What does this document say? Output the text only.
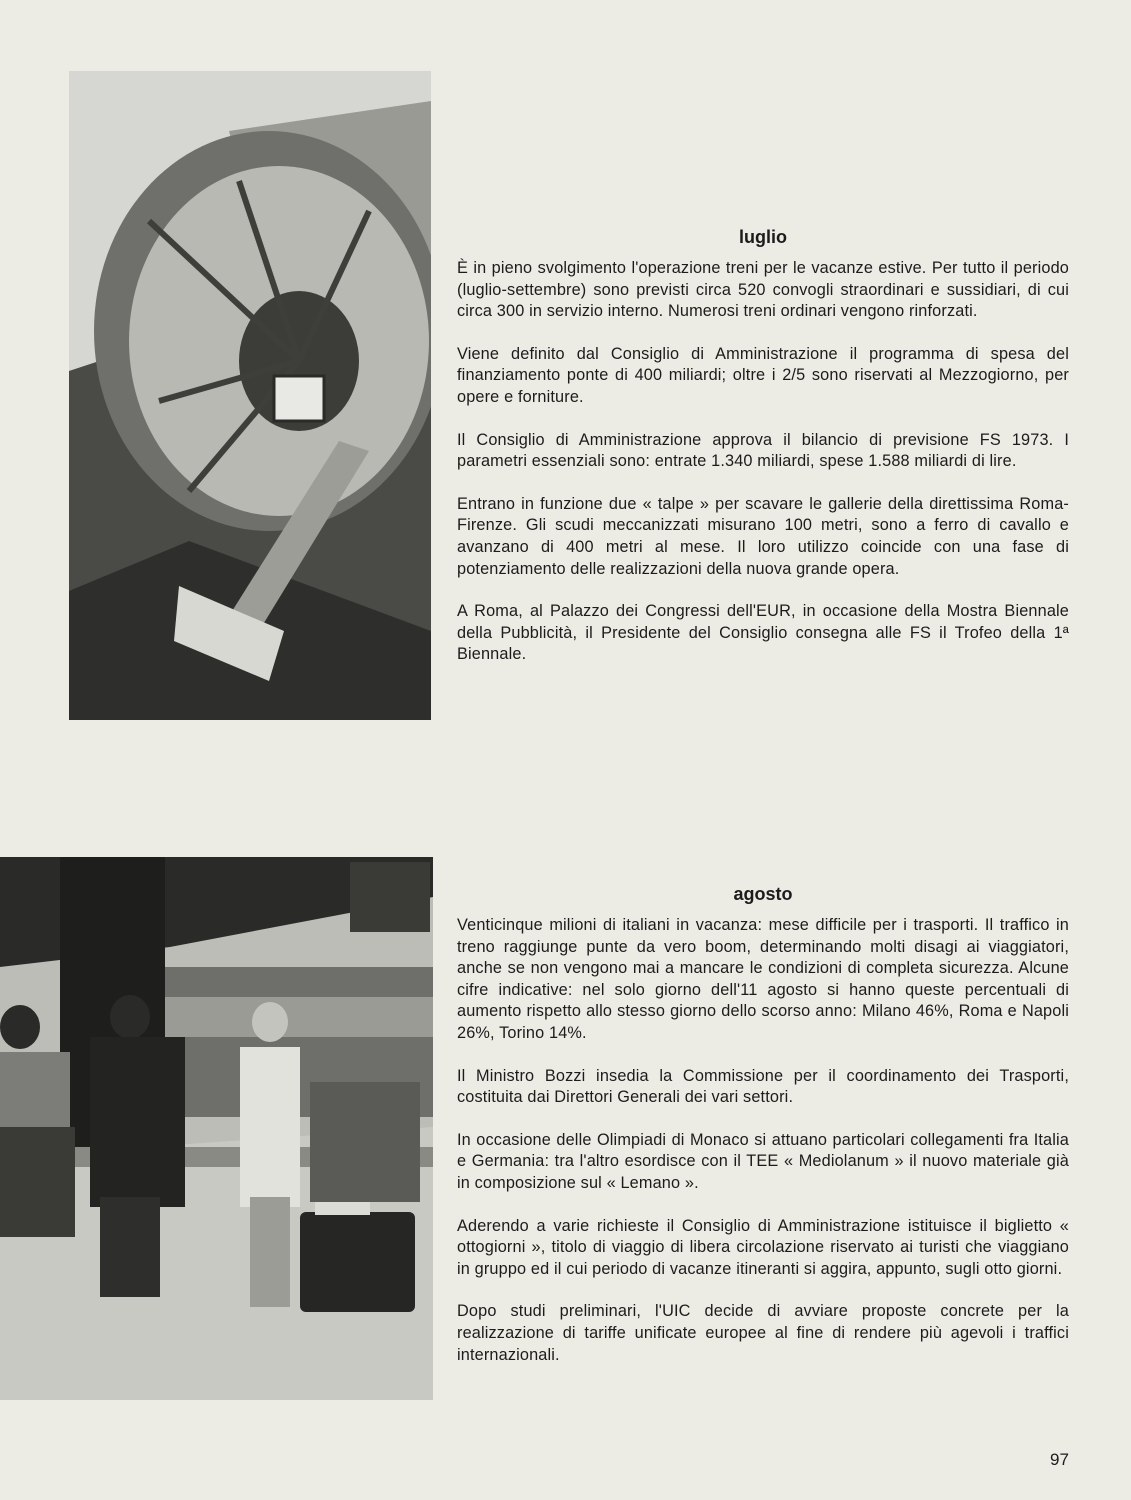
luglio

È in pieno svolgimento l'operazione treni per le vacanze estive. Per tutto il periodo (luglio-settembre) sono previsti circa 520 convogli straordinari e sussidiari, di cui circa 300 in servizio interno. Numerosi treni ordinari vengono rinforzati.

Viene definito dal Consiglio di Amministrazione il programma di spesa del finanziamento ponte di 400 miliardi; oltre i 2/5 sono riservati al Mezzogiorno, per opere e forniture.

Il Consiglio di Amministrazione approva il bilancio di previsione FS 1973. I parametri essenziali sono: entrate 1.340 miliardi, spese 1.588 miliardi di lire.

Entrano in funzione due « talpe » per scavare le gallerie della direttissima Roma-Firenze. Gli scudi meccanizzati misurano 100 metri, sono a ferro di cavallo e avanzano di 400 metri al mese. Il loro utilizzo coincide con una fase di potenziamento delle realizzazioni della nuova grande opera.

A Roma, al Palazzo dei Congressi dell'EUR, in occasione della Mostra Biennale della Pubblicità, il Presidente del Consiglio consegna alle FS il Trofeo della 1ª Biennale.

agosto

Venticinque milioni di italiani in vacanza: mese difficile per i trasporti. Il traffico in treno raggiunge punte da vero boom, determinando molti disagi ai viaggiatori, anche se non vengono mai a mancare le condizioni di completa sicurezza. Alcune cifre indicative: nel solo giorno dell'11 agosto si hanno queste percentuali di aumento rispetto allo stesso giorno dello scorso anno: Milano 46%, Roma e Napoli 26%, Torino 14%.

Il Ministro Bozzi insedia la Commissione per il coordinamento dei Trasporti, costituita dai Direttori Generali dei vari settori.

In occasione delle Olimpiadi di Monaco si attuano particolari collegamenti fra Italia e Germania: tra l'altro esordisce con il TEE « Mediolanum » il nuovo materiale già in composizione sul « Lemano ».

Aderendo a varie richieste il Consiglio di Amministrazione istituisce il biglietto « ottogiorni », titolo di viaggio di libera circolazione riservato ai turisti che viaggiano in gruppo ed il cui periodo di vacanze itineranti si aggira, appunto, sugli otto giorni.

Dopo studi preliminari, l'UIC decide di avviare proposte concrete per la realizzazione di tariffe unificate europee al fine di rendere più agevoli i traffici internazionali.

97
